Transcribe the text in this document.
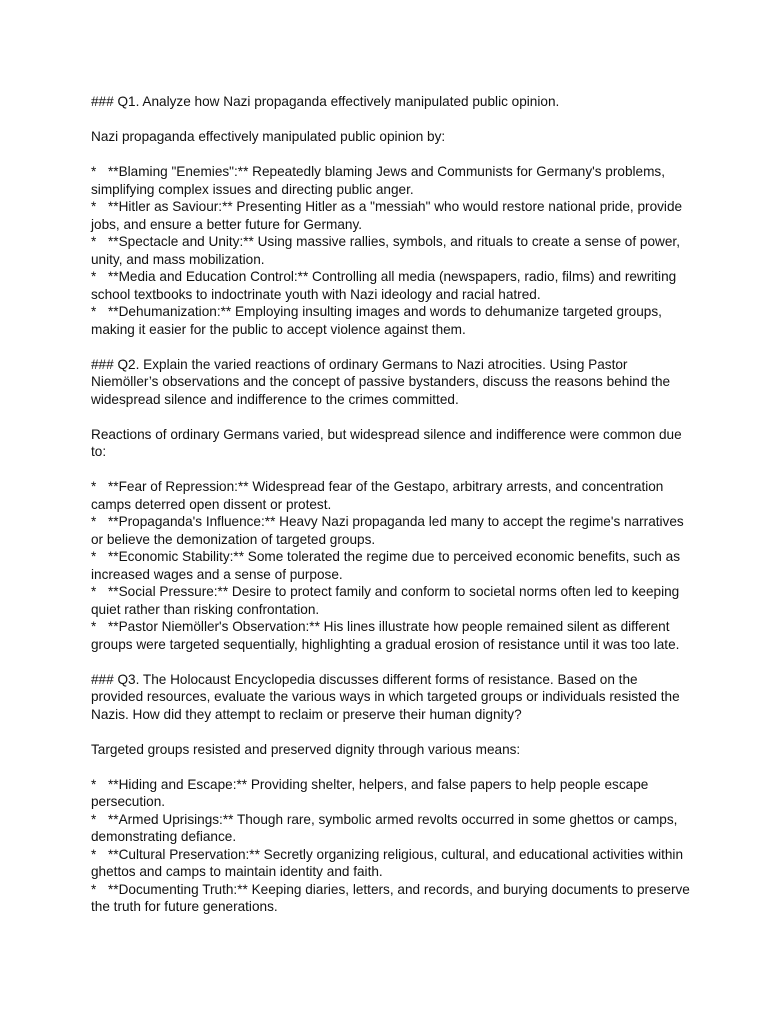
### Q1. Analyze how Nazi propaganda effectively manipulated public opinion.

Nazi propaganda effectively manipulated public opinion by:

* **Blaming "Enemies":** Repeatedly blaming Jews and Communists for Germany's problems, simplifying complex issues and directing public anger.
* **Hitler as Saviour:** Presenting Hitler as a "messiah" who would restore national pride, provide jobs, and ensure a better future for Germany.
* **Spectacle and Unity:** Using massive rallies, symbols, and rituals to create a sense of power, unity, and mass mobilization.
* **Media and Education Control:** Controlling all media (newspapers, radio, films) and rewriting school textbooks to indoctrinate youth with Nazi ideology and racial hatred.
* **Dehumanization:** Employing insulting images and words to dehumanize targeted groups, making it easier for the public to accept violence against them.

### Q2. Explain the varied reactions of ordinary Germans to Nazi atrocities. Using Pastor Niemöller’s observations and the concept of passive bystanders, discuss the reasons behind the widespread silence and indifference to the crimes committed.

Reactions of ordinary Germans varied, but widespread silence and indifference were common due to:

* **Fear of Repression:** Widespread fear of the Gestapo, arbitrary arrests, and concentration camps deterred open dissent or protest.
* **Propaganda's Influence:** Heavy Nazi propaganda led many to accept the regime's narratives or believe the demonization of targeted groups.
* **Economic Stability:** Some tolerated the regime due to perceived economic benefits, such as increased wages and a sense of purpose.
* **Social Pressure:** Desire to protect family and conform to societal norms often led to keeping quiet rather than risking confrontation.
* **Pastor Niemöller's Observation:** His lines illustrate how people remained silent as different groups were targeted sequentially, highlighting a gradual erosion of resistance until it was too late.

### Q3. The Holocaust Encyclopedia discusses different forms of resistance. Based on the provided resources, evaluate the various ways in which targeted groups or individuals resisted the Nazis. How did they attempt to reclaim or preserve their human dignity?

Targeted groups resisted and preserved dignity through various means:

* **Hiding and Escape:** Providing shelter, helpers, and false papers to help people escape persecution.
* **Armed Uprisings:** Though rare, symbolic armed revolts occurred in some ghettos or camps, demonstrating defiance.
* **Cultural Preservation:** Secretly organizing religious, cultural, and educational activities within ghettos and camps to maintain identity and faith.
* **Documenting Truth:** Keeping diaries, letters, and records, and burying documents to preserve the truth for future generations.
